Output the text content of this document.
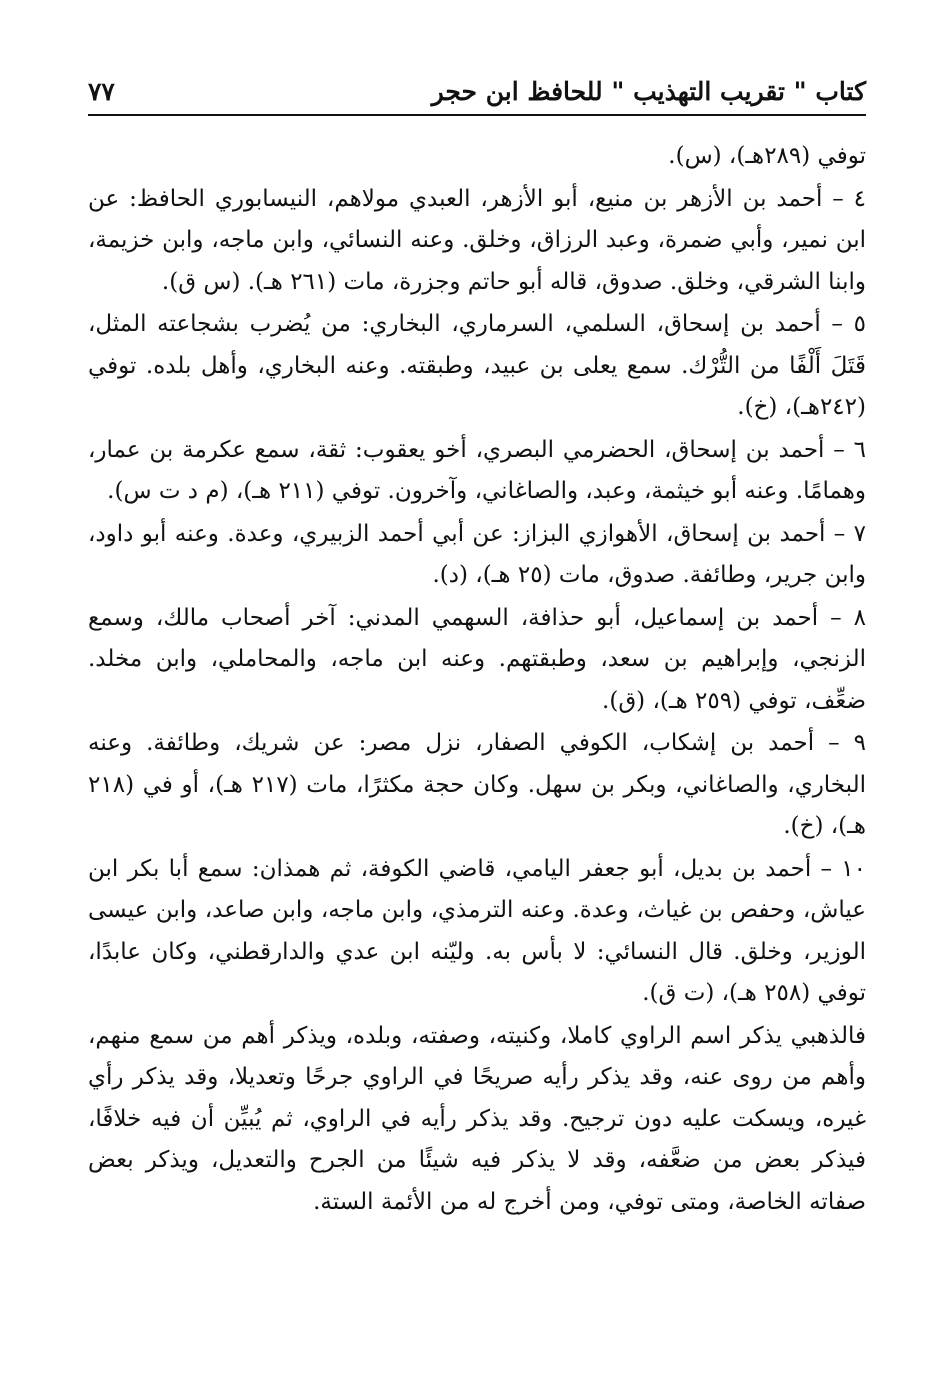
كتاب " تقريب التهذيب " للحافظ ابن حجر
٧٧

توفي (٢٨٩هـ)، (س).

٤ – أحمد بن الأزهر بن منيع، أبو الأزهر، العبدي مولاهم، النيسابوري الحافظ: عن ابن نمير، وأبي ضمرة، وعبد الرزاق، وخلق. وعنه النسائي، وابن ماجه، وابن خزيمة، وابنا الشرقي، وخلق. صدوق، قاله أبو حاتم وجزرة، مات (٢٦١ هـ). (س ق).

٥ – أحمد بن إسحاق، السلمي، السرماري، البخاري: من يُضرب بشجاعته المثل، قَتَلَ أَلْفًا من التُّرْك. سمع يعلى بن عبيد، وطبقته. وعنه البخاري، وأهل بلده. توفي (٢٤٢هـ)، (خ).

٦ – أحمد بن إسحاق، الحضرمي البصري، أخو يعقوب: ثقة، سمع عكرمة بن عمار، وهمامًا. وعنه أبو خيثمة، وعبد، والصاغاني، وآخرون. توفي (٢١١ هـ)، (م د ت س).

٧ – أحمد بن إسحاق، الأهوازي البزاز: عن أبي أحمد الزبيري، وعدة. وعنه أبو داود، وابن جرير، وطائفة. صدوق، مات (٢٥ هـ)، (د).

٨ – أحمد بن إسماعيل، أبو حذافة، السهمي المدني: آخر أصحاب مالك، وسمع الزنجي، وإبراهيم بن سعد، وطبقتهم. وعنه ابن ماجه، والمحاملي، وابن مخلد. ضعِّف، توفي (٢٥٩ هـ)، (ق).

٩ – أحمد بن إشكاب، الكوفي الصفار، نزل مصر: عن شريك، وطائفة. وعنه البخاري، والصاغاني، وبكر بن سهل. وكان حجة مكثرًا، مات (٢١٧ هـ)، أو في (٢١٨ هـ)، (خ).

١٠ – أحمد بن بديل، أبو جعفر اليامي، قاضي الكوفة، ثم همذان: سمع أبا بكر ابن عياش، وحفص بن غياث، وعدة. وعنه الترمذي، وابن ماجه، وابن صاعد، وابن عيسى الوزير، وخلق. قال النسائي: لا بأس به. وليّنه ابن عدي والدارقطني، وكان عابدًا، توفي (٢٥٨ هـ)، (ت ق).

فالذهبي يذكر اسم الراوي كاملا، وكنيته، وصفته، وبلده، ويذكر أهم من سمع منهم، وأهم من روى عنه، وقد يذكر رأيه صريحًا في الراوي جرحًا وتعديلا، وقد يذكر رأي غيره، ويسكت عليه دون ترجيح. وقد يذكر رأيه في الراوي، ثم يُبيِّن أن فيه خلافًا، فيذكر بعض من ضعَّفه، وقد لا يذكر فيه شيئًا من الجرح والتعديل، ويذكر بعض صفاته الخاصة، ومتى توفي، ومن أخرج له من الأئمة الستة.
